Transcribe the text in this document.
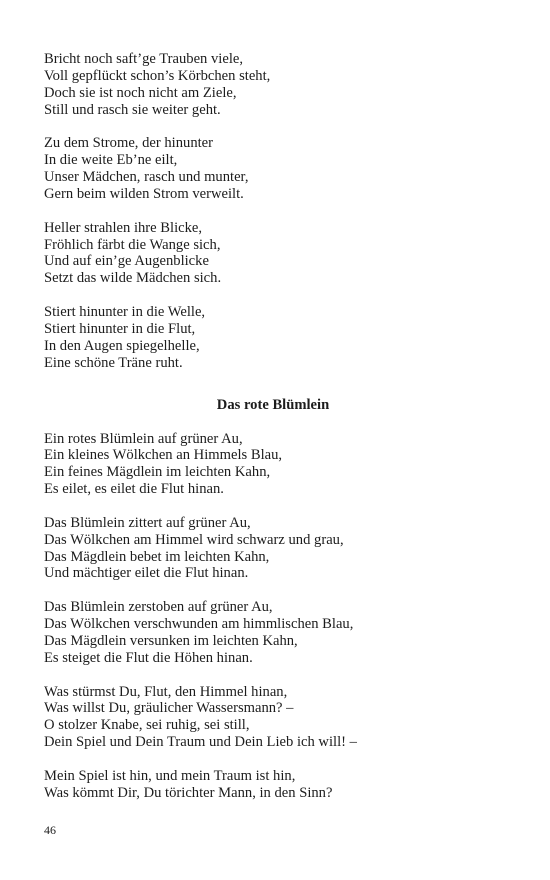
Bricht noch saft’ge Trauben viele,
Voll gepflückt schon’s Körbchen steht,
Doch sie ist noch nicht am Ziele,
Still und rasch sie weiter geht.
Zu dem Strome, der hinunter
In die weite Eb’ne eilt,
Unser Mädchen, rasch und munter,
Gern beim wilden Strom verweilt.
Heller strahlen ihre Blicke,
Fröhlich färbt die Wange sich,
Und auf ein’ge Augenblicke
Setzt das wilde Mädchen sich.
Stiert hinunter in die Welle,
Stiert hinunter in die Flut,
In den Augen spiegelhelle,
Eine schöne Träne ruht.
Das rote Blümlein
Ein rotes Blümlein auf grüner Au,
Ein kleines Wölkchen an Himmels Blau,
Ein feines Mägdlein im leichten Kahn,
Es eilet, es eilet die Flut hinan.
Das Blümlein zittert auf grüner Au,
Das Wölkchen am Himmel wird schwarz und grau,
Das Mägdlein bebet im leichten Kahn,
Und mächtiger eilet die Flut hinan.
Das Blümlein zerstoben auf grüner Au,
Das Wölkchen verschwunden am himmlischen Blau,
Das Mägdlein versunken im leichten Kahn,
Es steiget die Flut die Höhen hinan.
Was stürmst Du, Flut, den Himmel hinan,
Was willst Du, gräulicher Wassersmann? –
O stolzer Knabe, sei ruhig, sei still,
Dein Spiel und Dein Traum und Dein Lieb ich will! –
Mein Spiel ist hin, und mein Traum ist hin,
Was kömmt Dir, Du törichter Mann, in den Sinn?
46
